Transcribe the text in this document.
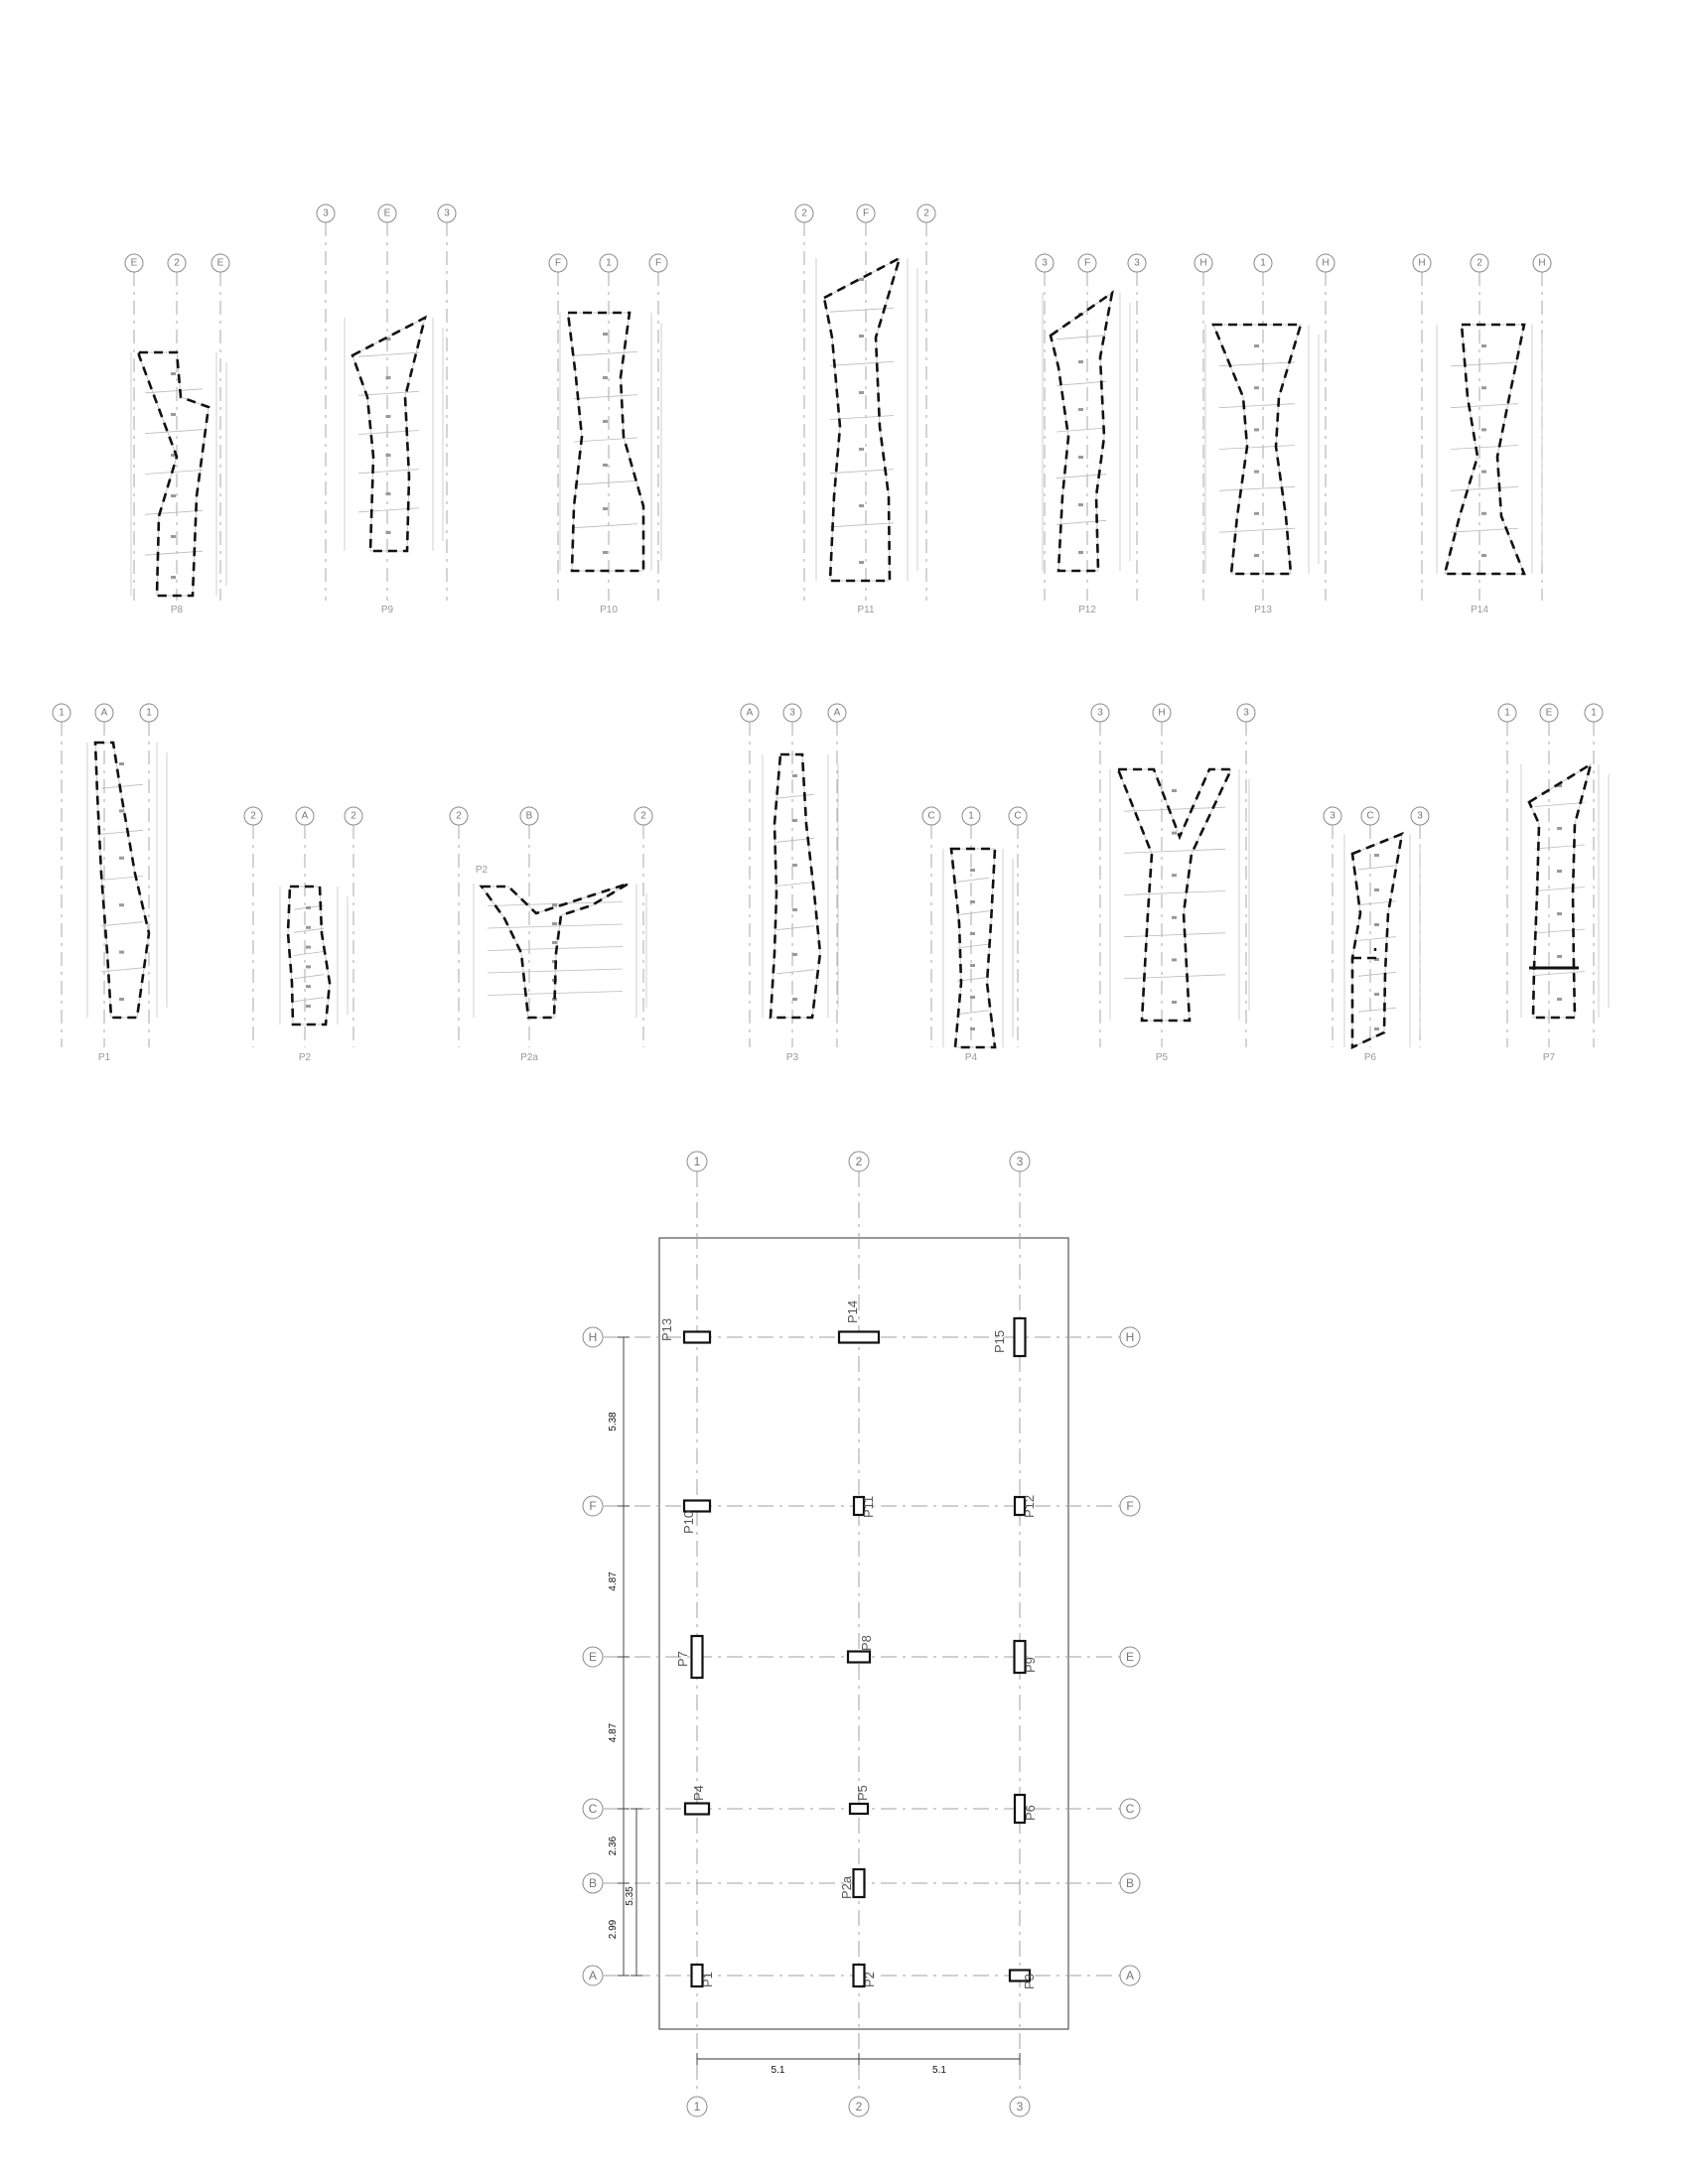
E	2	E
P8
3	E	3
P9
F	1	F
P10
2	F	2
P11
3	F	3
P12
H	1	H
P13
H	2	H
P14
1	A	1
P1
2	A	2
P2
2	B	2
P2
P2a
A	3	A
P3
C	1	C
P4
3	H	3
P5
3	C	3
P6
1	E	1
P7
1
1
2
2
3
3
H	H
F	F
E	E
C	C
B	B
A	A
P13
P14
P15
P10
P11	P12
P7
P8
P9
P4	P5
P6
P2a
P1	P2	P3
5.38
4.87
4.87
2.36
2.99
5.35
5.1	5.1
